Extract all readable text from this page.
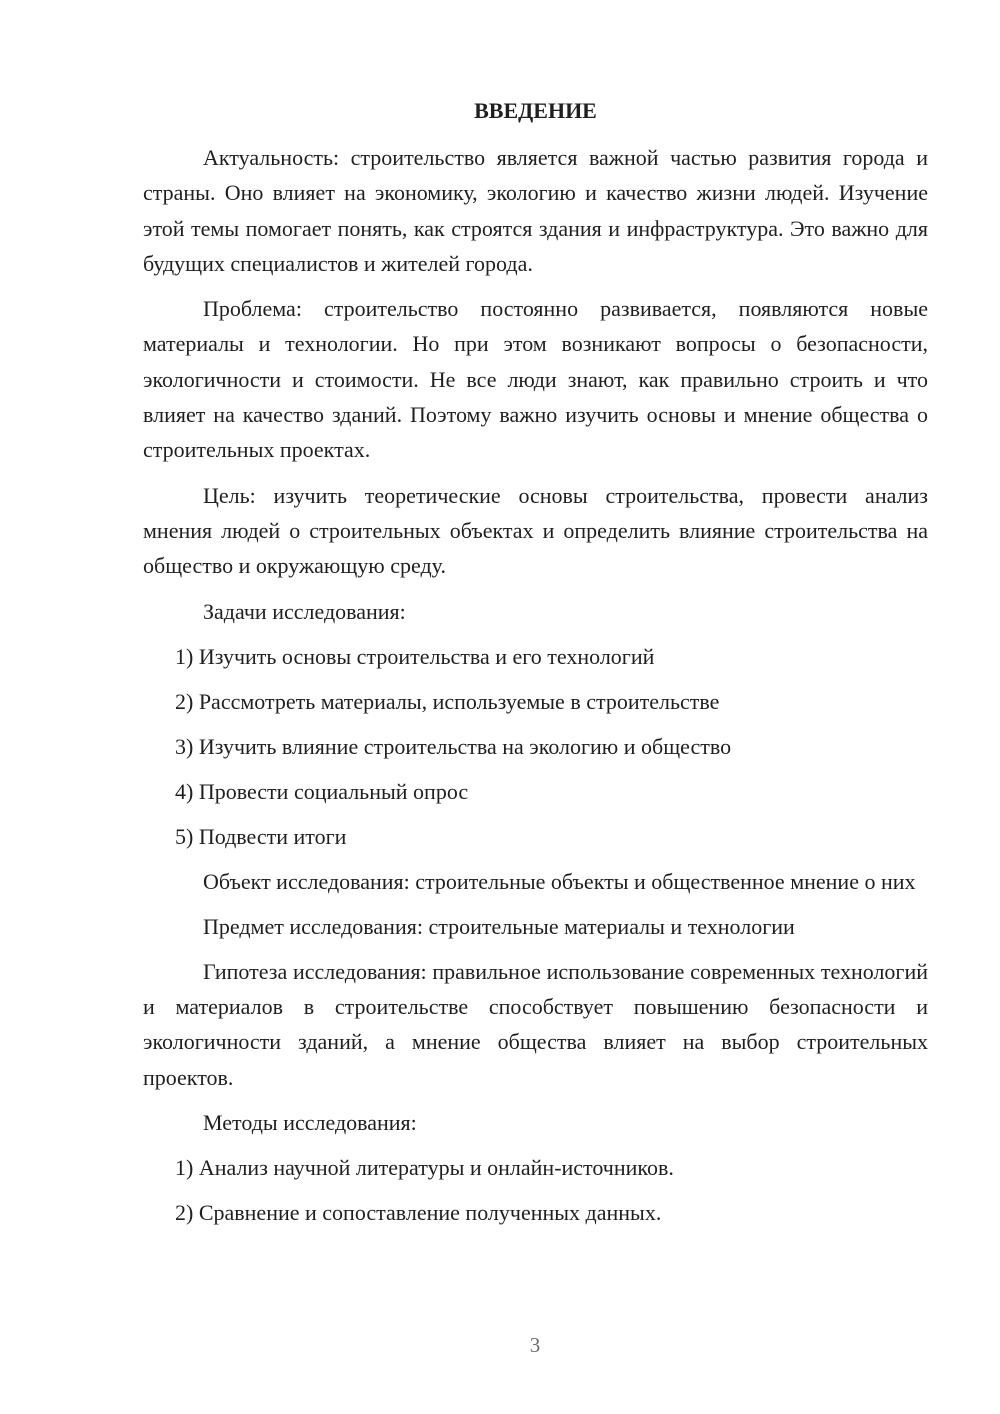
ВВЕДЕНИЕ

Актуальность: строительство является важной частью развития города и страны. Оно влияет на экономику, экологию и качество жизни людей. Изучение этой темы помогает понять, как строятся здания и инфраструктура. Это важно для будущих специалистов и жителей города.

Проблема: строительство постоянно развивается, появляются новые материалы и технологии. Но при этом возникают вопросы о безопасности, экологичности и стоимости. Не все люди знают, как правильно строить и что влияет на качество зданий. Поэтому важно изучить основы и мнение общества о строительных проектах.

Цель: изучить теоретические основы строительства, провести анализ мнения людей о строительных объектах и определить влияние строительства на общество и окружающую среду.

Задачи исследования:
1) Изучить основы строительства и его технологий
2) Рассмотреть материалы, используемые в строительстве
3) Изучить влияние строительства на экологию и общество
4) Провести социальный опрос
5) Подвести итоги

Объект исследования: строительные объекты и общественное мнение о них

Предмет исследования: строительные материалы и технологии

Гипотеза исследования: правильное использование современных технологий и материалов в строительстве способствует повышению безопасности и экологичности зданий, а мнение общества влияет на выбор строительных проектов.

Методы исследования:
1) Анализ научной литературы и онлайн-источников.
2) Сравнение и сопоставление полученных данных.
3
